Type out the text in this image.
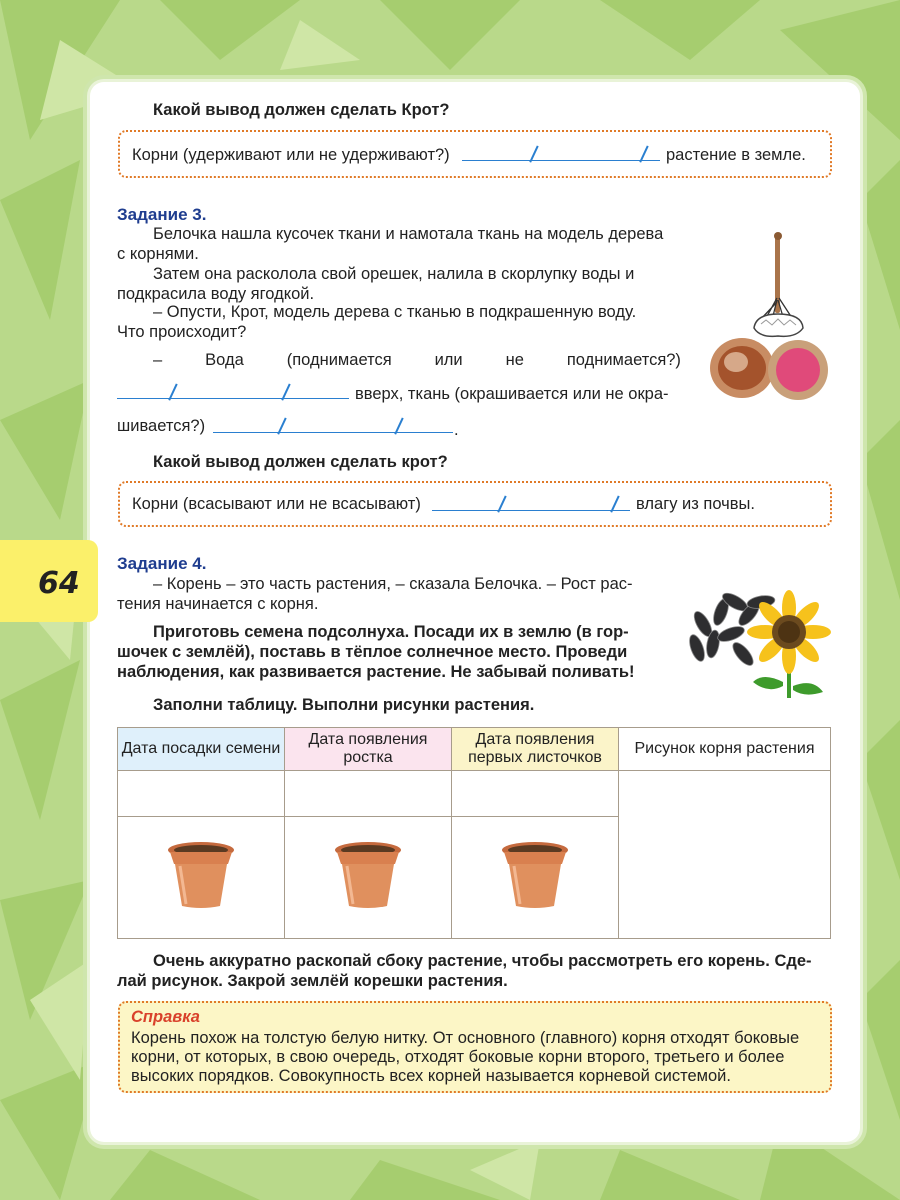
64
Какой вывод должен сделать Крот?
Корни (удерживают или не удерживают?)	растение в земле.
Задание 3.
Белочка нашла кусочек ткани и намотала ткань на модель дерева
с корнями.
Затем она расколола свой орешек, налила в скорлупку воды и
подкрасила воду ягодкой.
– Опусти, Крот, модель дерева с тканью в подкрашенную воду.
Что происходит?
–	Вода	(поднимается	или	не	поднимается?)
вверх, ткань (окрашивается или не окра-
шивается?)	.
Какой вывод должен сделать крот?
Корни (всасывают или не всасывают)	влагу из почвы.
Задание 4.
– Корень – это часть растения, – сказала Белочка. – Рост рас-
тения начинается с корня.
Приготовь семена подсолнуха. Посади их в землю (в гор-
шочек с землёй), поставь в тёплое солнечное место. Проведи
наблюдения, как развивается растение. Не забывай поливать!
Заполни таблицу. Выполни рисунки растения.
Дата посадки семени	Дата появления ростка	Дата появления первых листочков	Рисунок корня растения

Очень аккуратно раскопай сбоку растение, чтобы рассмотреть его корень. Сде-
лай рисунок. Закрой землёй корешки растения.
Справка
Корень похож на толстую белую нитку. От основного (главного) корня отходят боковые
корни, от которых, в свою очередь, отходят боковые корни второго, третьего и более
высоких порядков. Совокупность всех корней называется корневой системой.
